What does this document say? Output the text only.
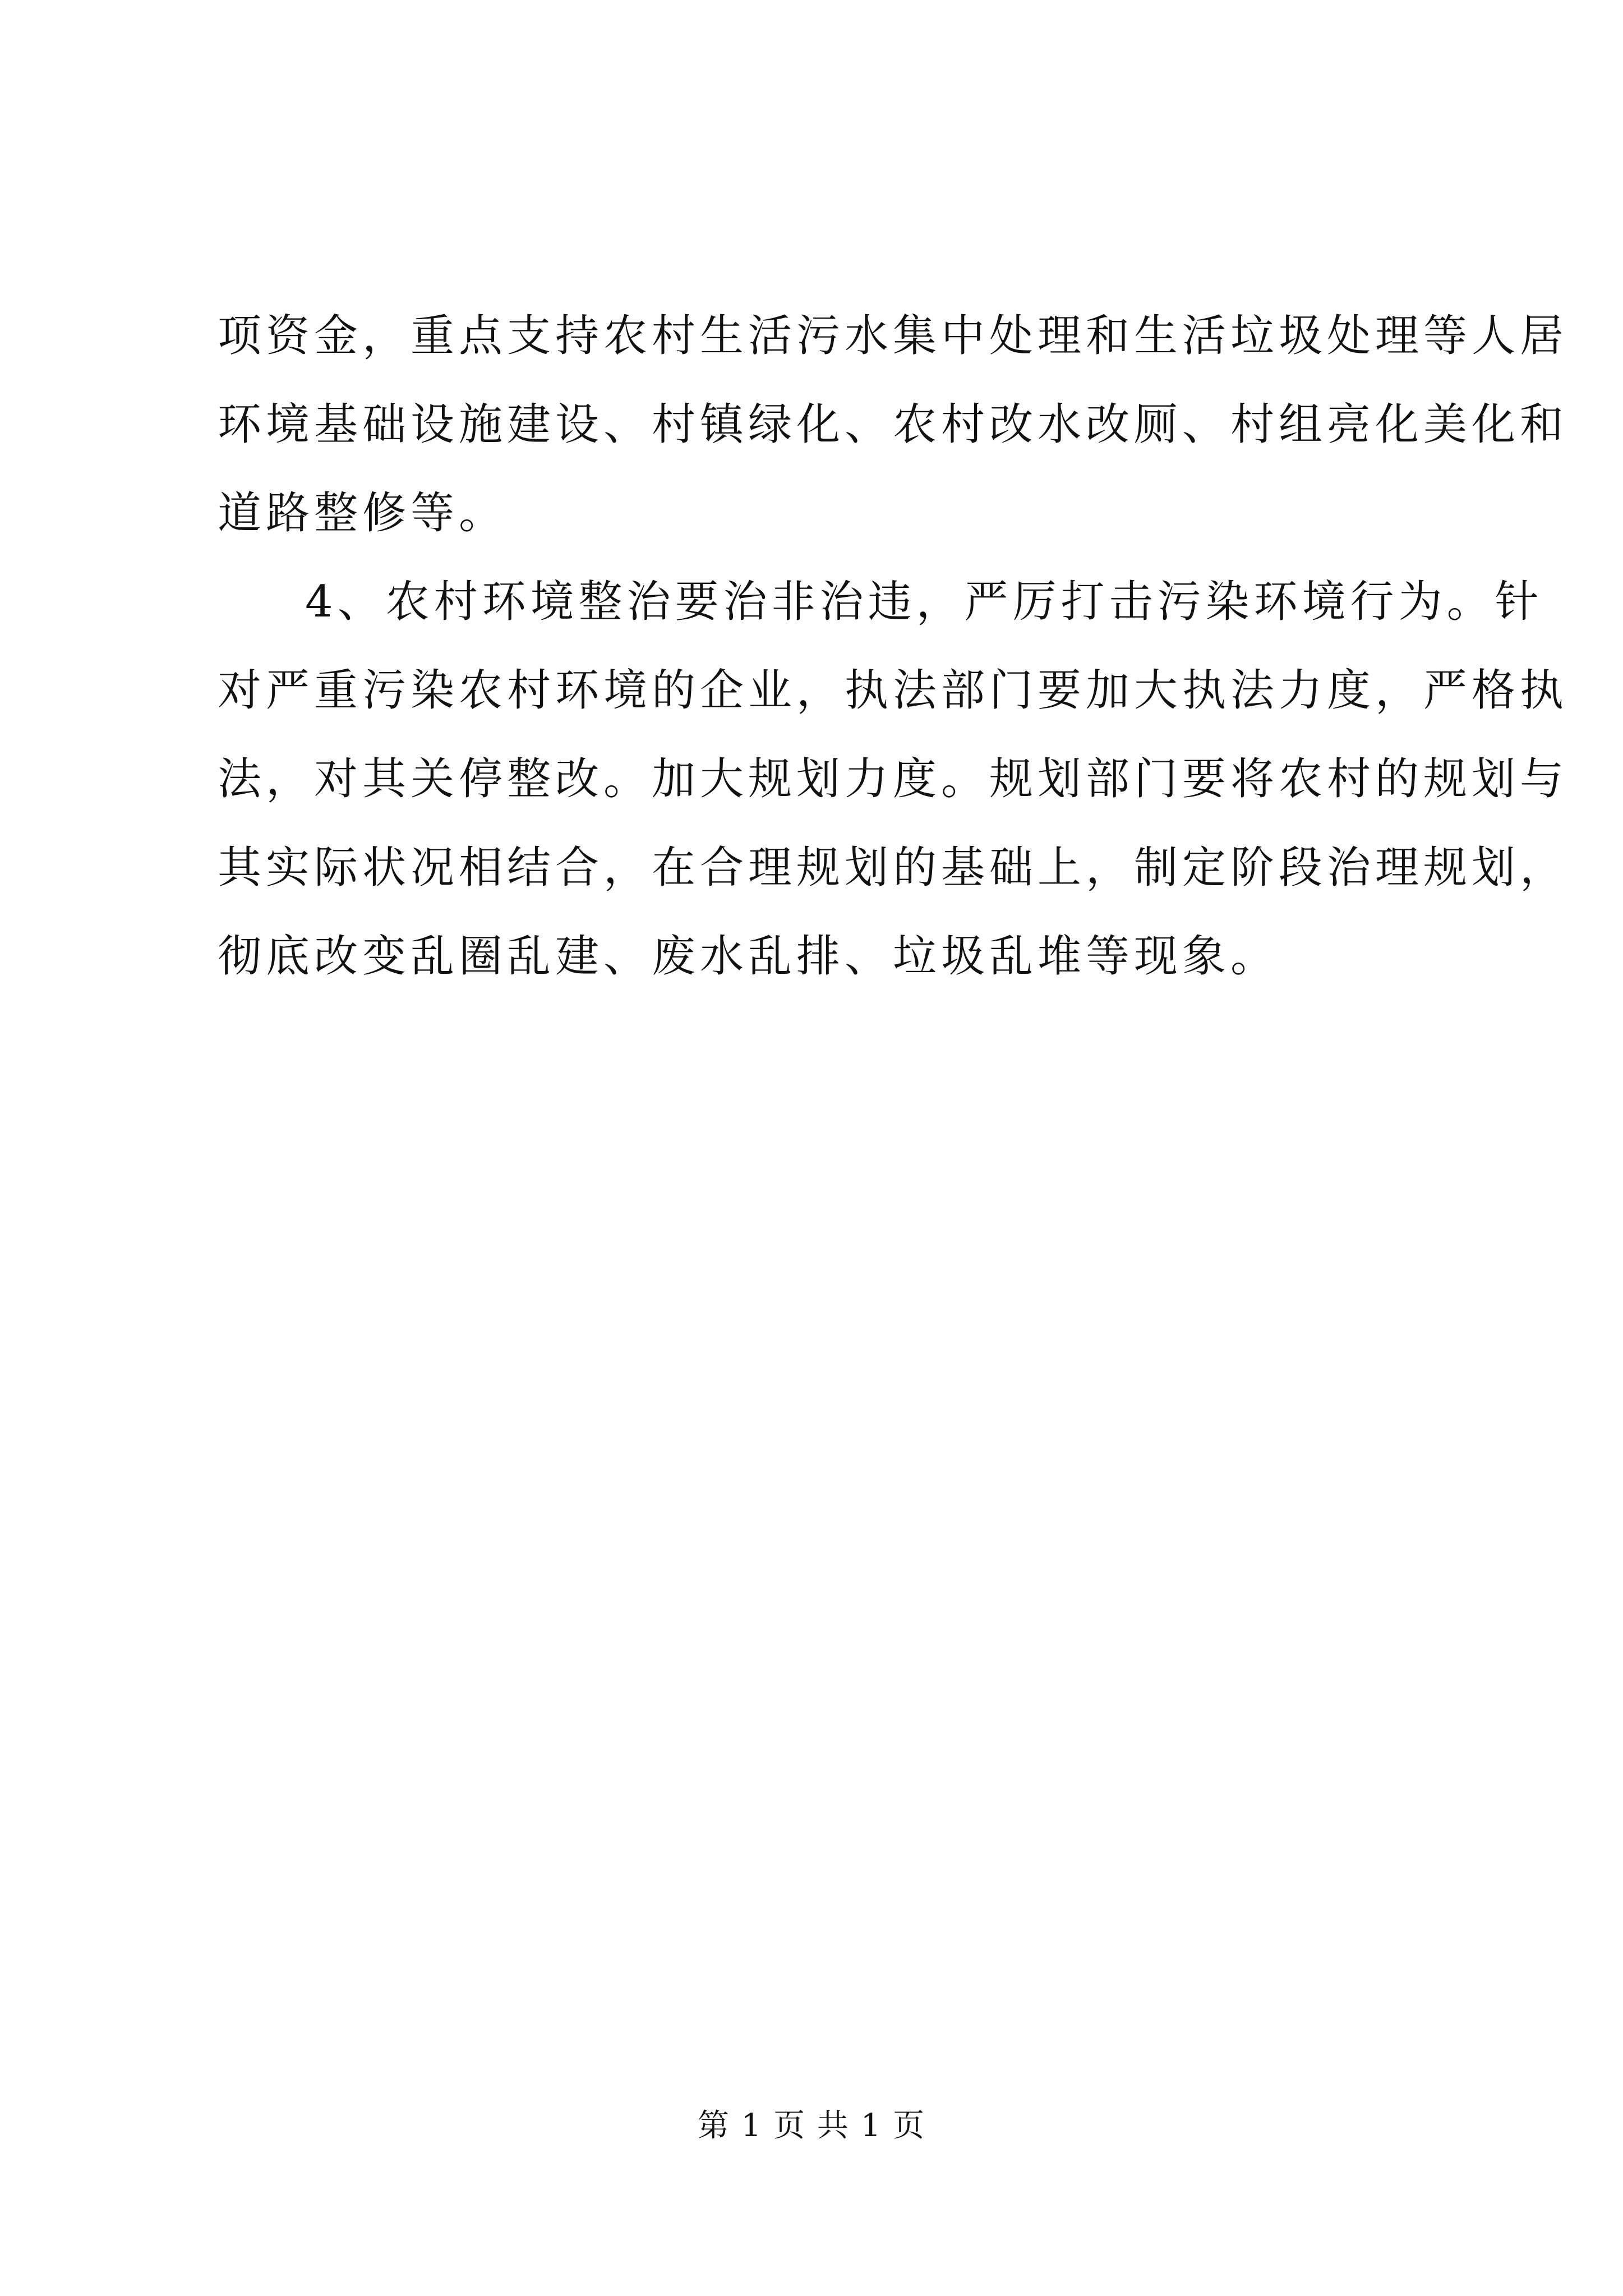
项资金，重点支持农村生活污水集中处理和生活垃圾处理等人居
环境基础设施建设、村镇绿化、农村改水改厕、村组亮化美化和
道路整修等。
4、农村环境整治要治非治违，严厉打击污染环境行为。针
对严重污染农村环境的企业，执法部门要加大执法力度，严格执
法，对其关停整改。加大规划力度。规划部门要将农村的规划与
其实际状况相结合，在合理规划的基础上，制定阶段治理规划，
彻底改变乱圈乱建、废水乱排、垃圾乱堆等现象。
第 1 页 共 1 页
